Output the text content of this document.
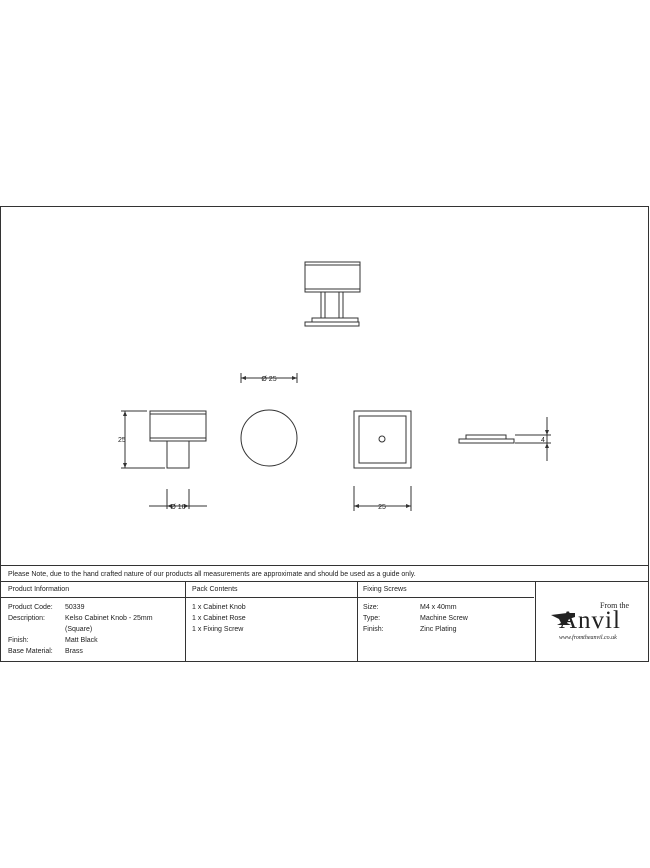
Ø 25
25
Ø 10	25
4
Please Note, due to the hand crafted nature of our products all measurements are approximate and should be used as a guide only.
Product Information
Product Code: 50339
Description:	Kelso Cabinet Knob - 25mm
(Square)
Finish:	Matt Black
Base Material: Brass
Pack Contents
1 x Cabinet Knob
1 x Cabinet Rose
1 x Fixing Screw
Fixing Screws
Size:	M4 x 40mm
Type:	Machine Screw
Finish:	Zinc Plating
From the
Anvil
www.fromtheanvil.co.uk
